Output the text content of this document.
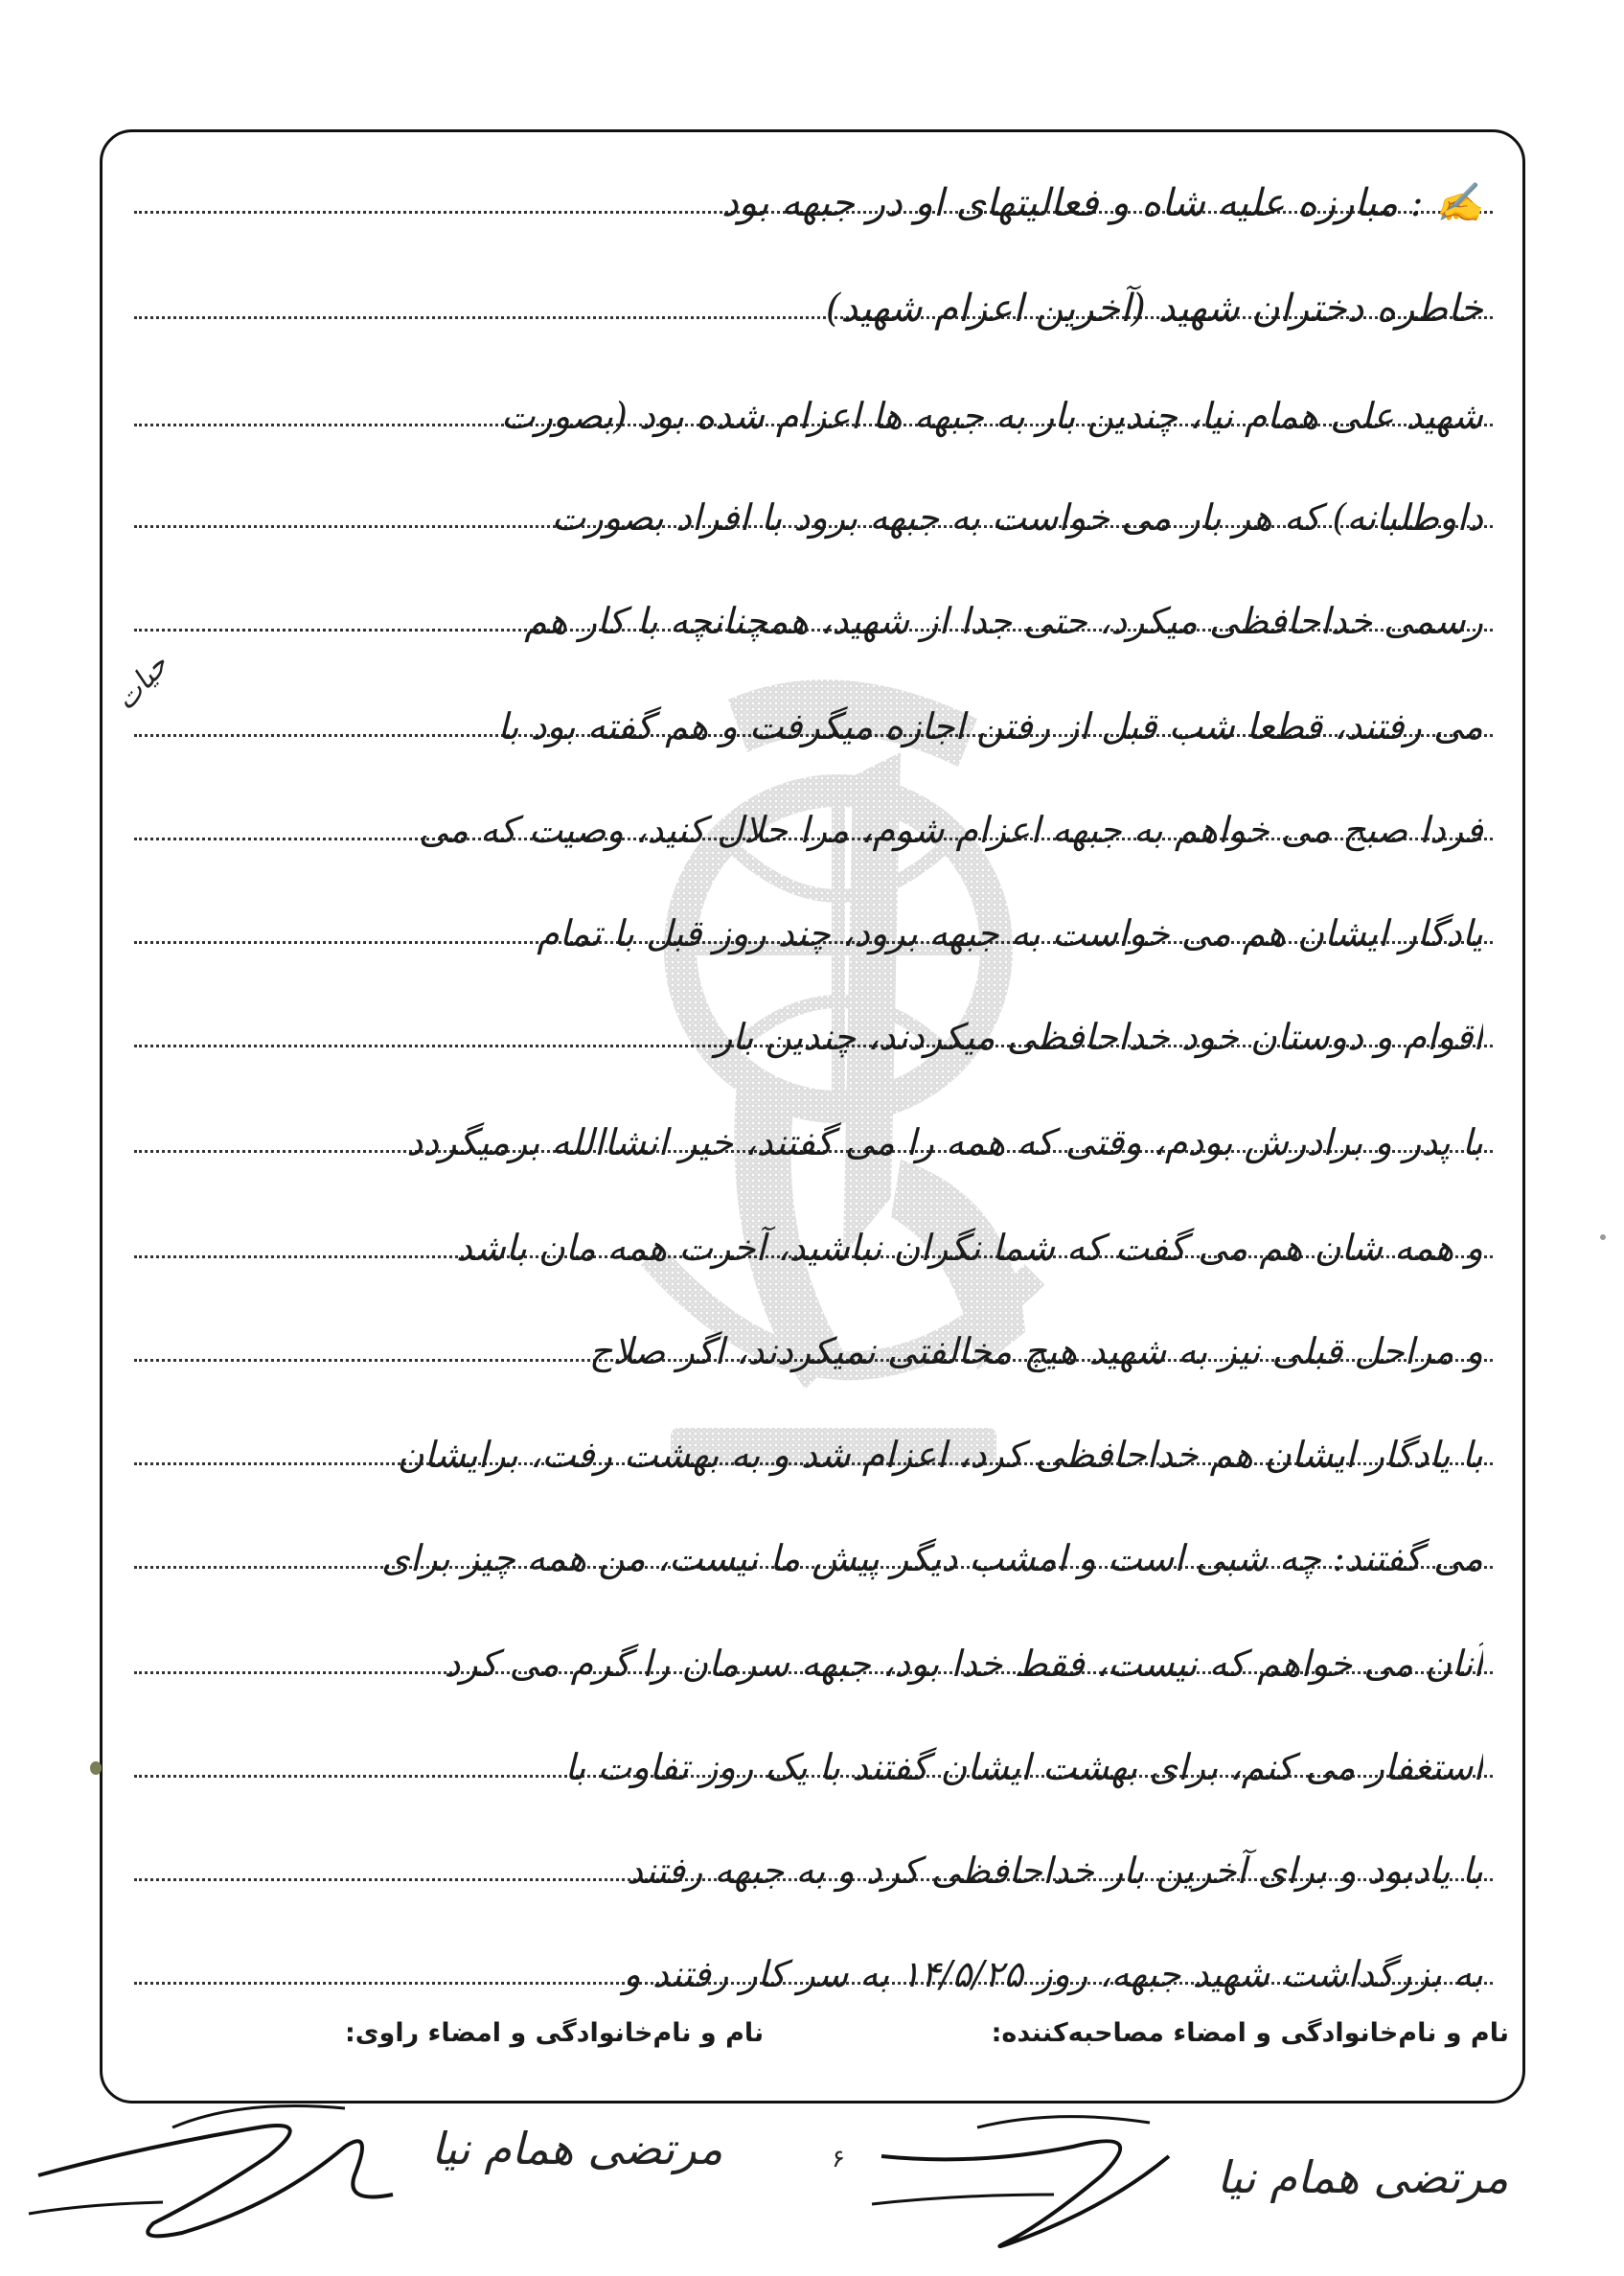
حیات
✍ : مبارزه علیه شاه و فعالیتهای او در جبهه بود
خاطره دختران شهید (آخرین اعزام شهید)
شهید علی همام نیا، چندین بار به جبهه ها اعزام شده بود (بصورت
داوطلبانه) که هر بار می خواست به جبهه برود با افراد بصورت
رسمی خداحافظی میکرد، حتی جدا از شهید، همچنانچه با کار هم
می رفتند، قطعا شب قبل از رفتن اجازه میگرفت و هم گفته بود با
فردا صبح می خواهم به جبهه اعزام شوم، مرا حلال کنید، وصیت که می
یادگار ایشان هم می خواست به جبهه برود، چند روز قبل با تمام
اقوام و دوستان خود خداحافظی میکردند، چندین بار
با پدر و برادرش بودم، وقتی که همه را می گفتند، خیر انشاالله برمیگردد
و همه شان هم می گفت که شما نگران نباشید، آخرت همه مان باشد
و مراحل قبلی نیز به شهید هیچ مخالفتی نمیکردند، اگر صلاح
با یادگار ایشان هم خداحافظی کرد، اعزام شد و به بهشت رفت، برایشان
می گفتند: چه شبی است و امشب دیگر پیش ما نیست، من همه چیز برای
آنان می خواهم که نیست، فقط خدا بود، جبهه سرمان را گرم می کرد
استغفار می کنم، برای بهشت ایشان گفتند با یک روز تفاوت با
با یادبود و برای آخرین بار خداحافظی کرد و به جبهه رفتند
به بزرگداشت شهید جبهه، روز ۱۴/۵/۲۵ به سر کار رفتند و
نام و نام‌خانوادگی و امضاء مصاحبه‌کننده:
نام و نام‌خانوادگی و امضاء راوی:
مرتضی همام نیا
مرتضی همام نیا
۶
